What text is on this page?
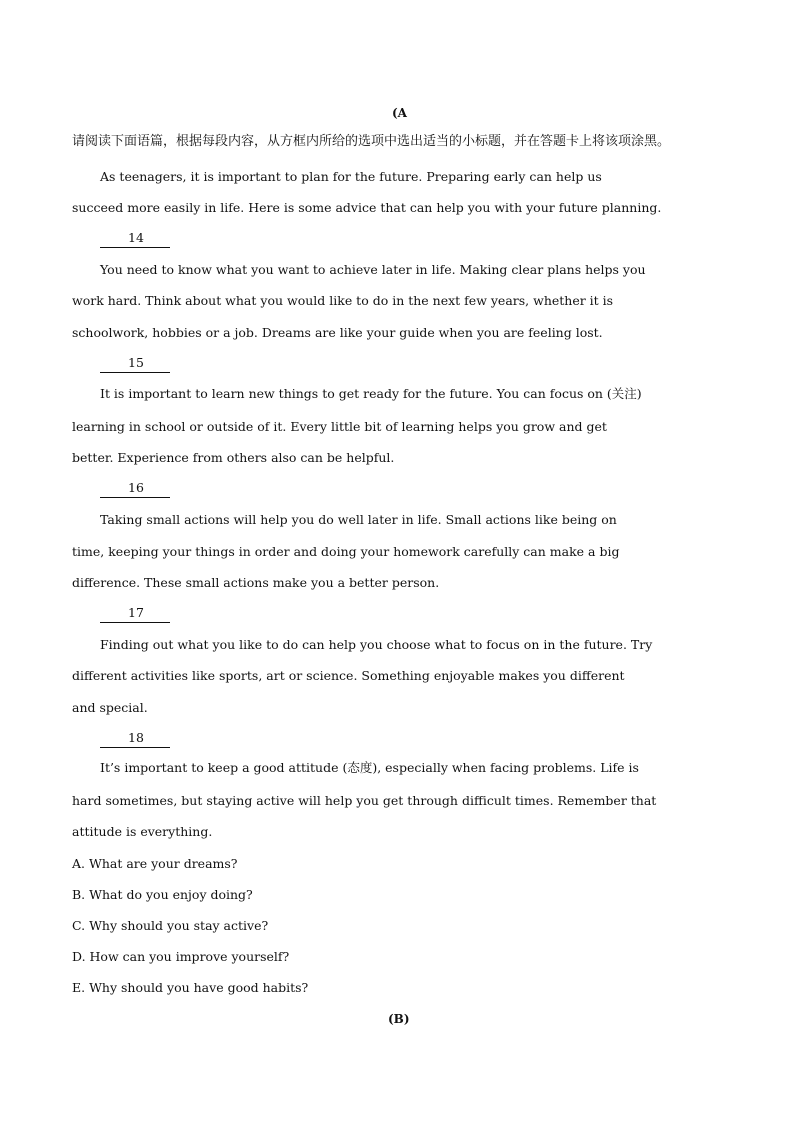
(A
请阅读下面语篇，根据每段内容，从方框内所给的选项中选出适当的小标题，并在答题卡上将该项涂黑。
As teenagers, it is important to plan for the future. Preparing early can help us
succeed more easily in life. Here is some advice that can help you with your future planning.
14
You need to know what you want to achieve later in life. Making clear plans helps you
work hard. Think about what you would like to do in the next few years, whether it is
schoolwork, hobbies or a job. Dreams are like your guide when you are feeling lost.
15
It is important to learn new things to get ready for the future. You can focus on (关注)
learning in school or outside of it. Every little bit of learning helps you grow and get
better. Experience from others also can be helpful.
16
Taking small actions will help you do well later in life. Small actions like being on
time, keeping your things in order and doing your homework carefully can make a big
difference. These small actions make you a better person.
17
Finding out what you like to do can help you choose what to focus on in the future. Try
different activities like sports, art or science. Something enjoyable makes you different
and special.
18
It’s important to keep a good attitude (态度), especially when facing problems. Life is
hard sometimes, but staying active will help you get through difficult times. Remember that
attitude is everything.
A. What are your dreams?
B. What do you enjoy doing?
C. Why should you stay active?
D. How can you improve yourself?
E. Why should you have good habits?
(B)
